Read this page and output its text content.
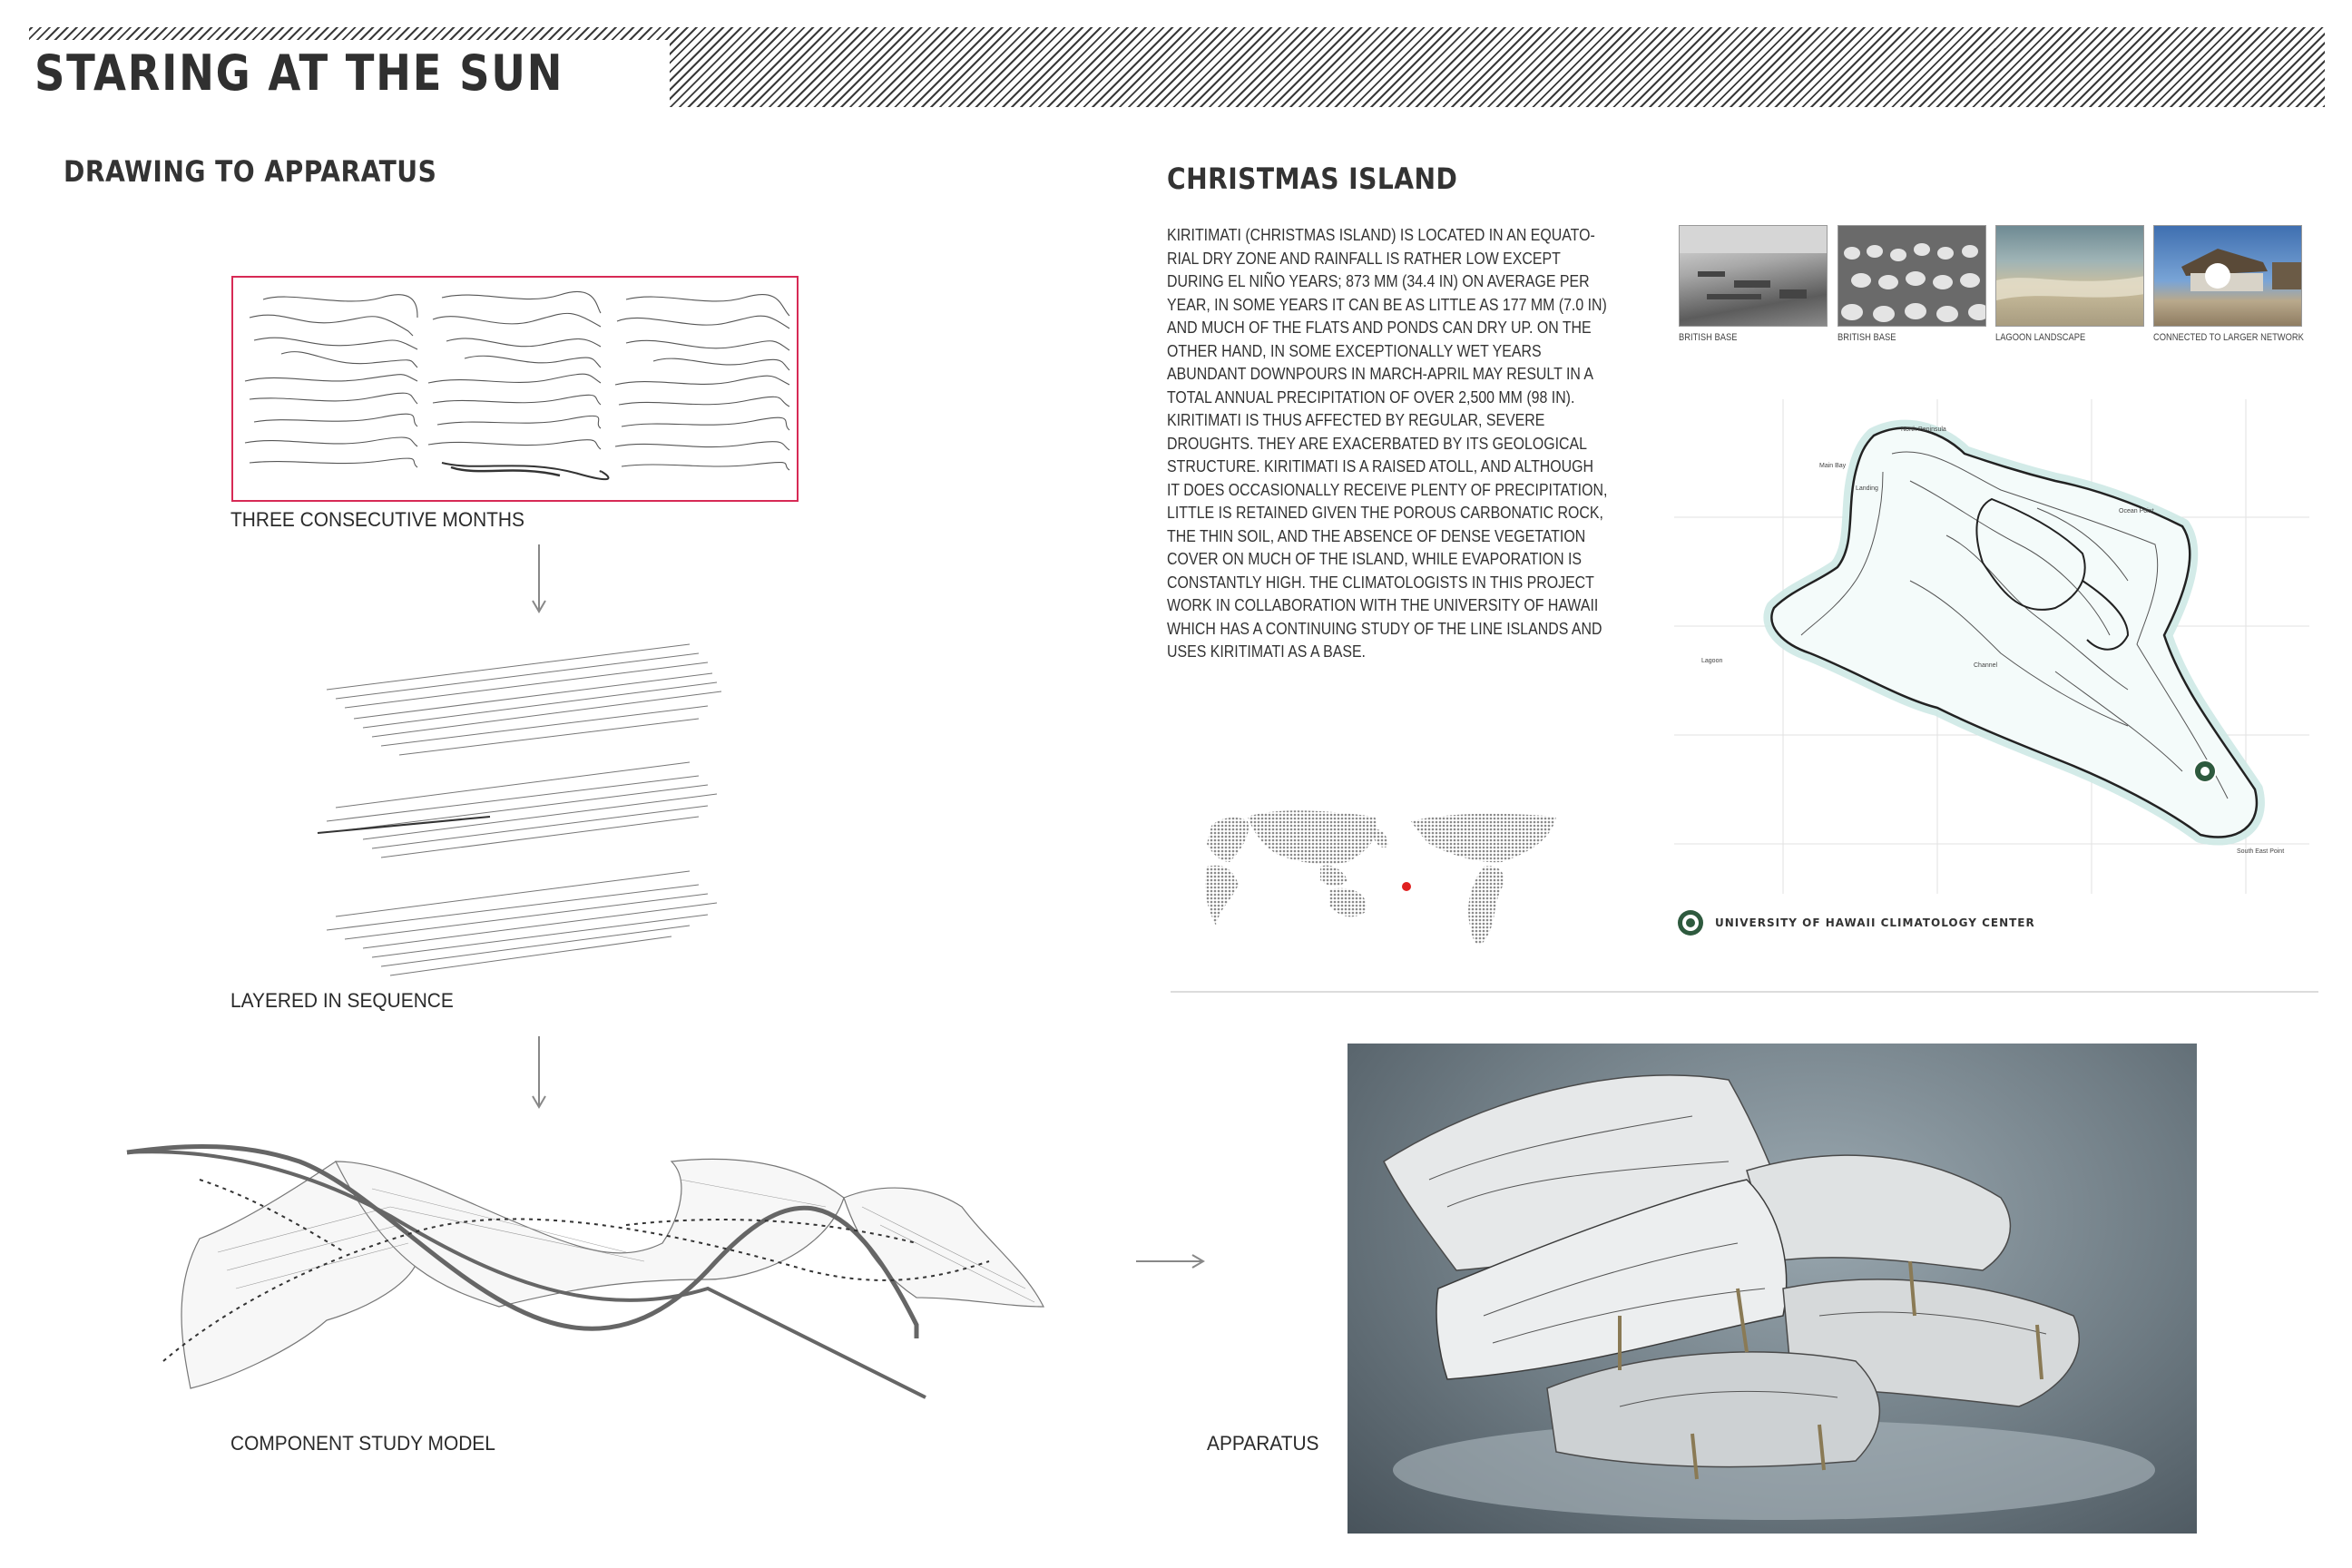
STARING AT THE SUN
DRAWING TO APPARATUS
THREE CONSECUTIVE MONTHS
LAYERED IN SEQUENCE
COMPONENT STUDY MODEL
CHRISTMAS ISLAND
KIRITIMATI (CHRISTMAS ISLAND) IS LOCATED IN AN EQUATO- RIAL DRY ZONE AND RAINFALL IS RATHER LOW EXCEPT DURING EL NIÑO YEARS; 873 MM (34.4 IN) ON AVERAGE PER YEAR, IN SOME YEARS IT CAN BE AS LITTLE AS 177 MM (7.0 IN) AND MUCH OF THE FLATS AND PONDS CAN DRY UP. ON THE OTHER HAND, IN SOME EXCEPTIONALLY WET YEARS ABUNDANT DOWNPOURS IN MARCH-APRIL MAY RESULT IN A TOTAL ANNUAL PRECIPITATION OF OVER 2,500 MM (98 IN). KIRITIMATI IS THUS AFFECTED BY REGULAR, SEVERE DROUGHTS. THEY ARE EXACERBATED BY ITS GEOLOGICAL STRUCTURE. KIRITIMATI IS A RAISED ATOLL, AND ALTHOUGH IT DOES OCCASIONALLY RECEIVE PLENTY OF PRECIPITATION, LITTLE IS RETAINED GIVEN THE POROUS CARBONATIC ROCK, THE THIN SOIL, AND THE ABSENCE OF DENSE VEGETATION COVER ON MUCH OF THE ISLAND, WHILE EVAPORATION IS CONSTANTLY HIGH. THE CLIMATOLOGISTS IN THIS PROJECT WORK IN COLLABORATION WITH THE UNIVERSITY OF HAWAII WHICH HAS A CONTINUING STUDY OF THE LINE ISLANDS AND USES KIRITIMATI AS A BASE.
BRITISH BASE	BRITISH BASE	LAGOON LANDSCAPE	CONNECTED TO LARGER NETWORK
North Peninsula
Main Bay
Landing
Ocean Point
Lagoon
Channel
South East Point
UNIVERSITY OF HAWAII CLIMATOLOGY CENTER
APPARATUS
